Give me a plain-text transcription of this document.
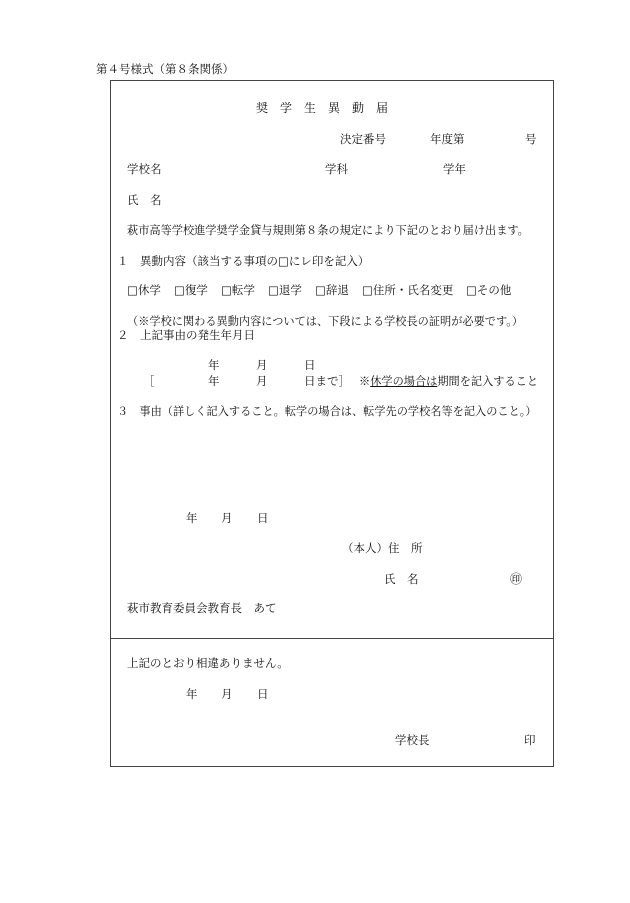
第４号様式（第８条関係）
奨　学　生　異　動　届
決定番号	年度第	号
学校名	学科	学年
氏　名
萩市高等学校進学奨学金貸与規則第８条の規定により下記のとおり届け出ます。
１　異動内容（該当する事項の□にレ印を記入）
□休学 □復学 □転学 □退学 □辞退 □住所・氏名変更 □その他
（※学校に関わる異動内容については、下段による学校長の証明が必要です。）
２　上記事由の発生年月日
年	月	日
［	年	月	日まで］ ※休学の場合は期間を記入すること
３　事由（詳しく記入すること。転学の場合は、転学先の学校名等を記入のこと。）
年 月 日
（本人）住　所
氏　名	㊞
萩市教育委員会教育長　あて
上記のとおり相違ありません。
年 月 日
学校長	印
